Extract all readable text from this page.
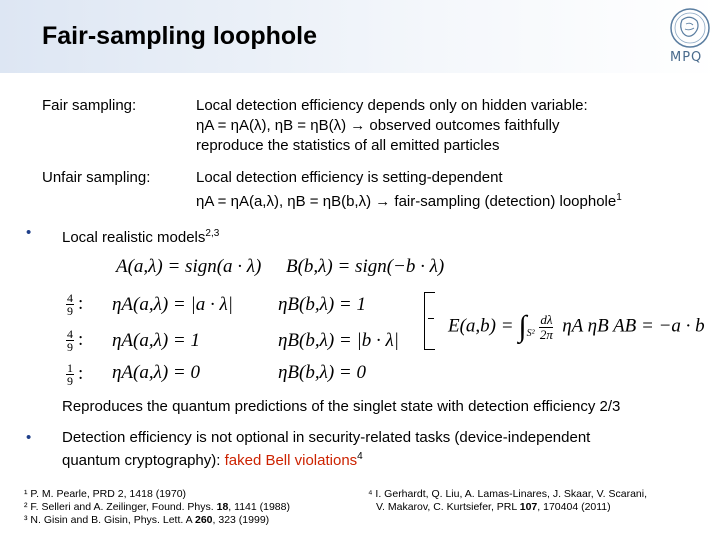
Fair-sampling loophole
MPQ
Fair sampling:	Local detection efficiency depends only on hidden variable:
ηA = ηA(λ), ηB = ηB(λ) → observed outcomes faithfully
reproduce the statistics of all emitted particles
Unfair sampling:	Local detection efficiency is setting-dependent
ηA = ηA(a,λ), ηB = ηB(b,λ) → fair-sampling (detection) loophole$^1$
• Local realistic models$^{2,3}$
A(a,λ) = sign(a · λ) B(b,λ) = sign(−b · λ)
$\frac{4}{9}$ : ηA(a,λ) = |a · λ| ηB(b,λ) = 1
$\frac{4}{9}$ : ηA(a,λ) = 1	ηB(b,λ) = |b · λ|
$\frac{1}{9}$ : ηA(a,λ) = 0	ηB(b,λ) = 0
$E(a,b) = \int_{S^2} \frac{d\lambda}{2\pi}$ ηA ηB AB = −a · b
Reproduces the quantum predictions of the singlet state with detection efficiency 2/3
• Detection efficiency is not optional in security-related tasks (device-independent
quantum cryptography): faked Bell violations$^4$
¹ P. M. Pearle, PRD 2, 1418 (1970)
² F. Selleri and A. Zeilinger, Found. Phys. 18, 1141 (1988)
³ N. Gisin and B. Gisin, Phys. Lett. A 260, 323 (1999)
⁴ I. Gerhardt, Q. Liu, A. Lamas-Linares, J. Skaar, V. Scarani,
V. Makarov, C. Kurtsiefer, PRL 107, 170404 (2011)
